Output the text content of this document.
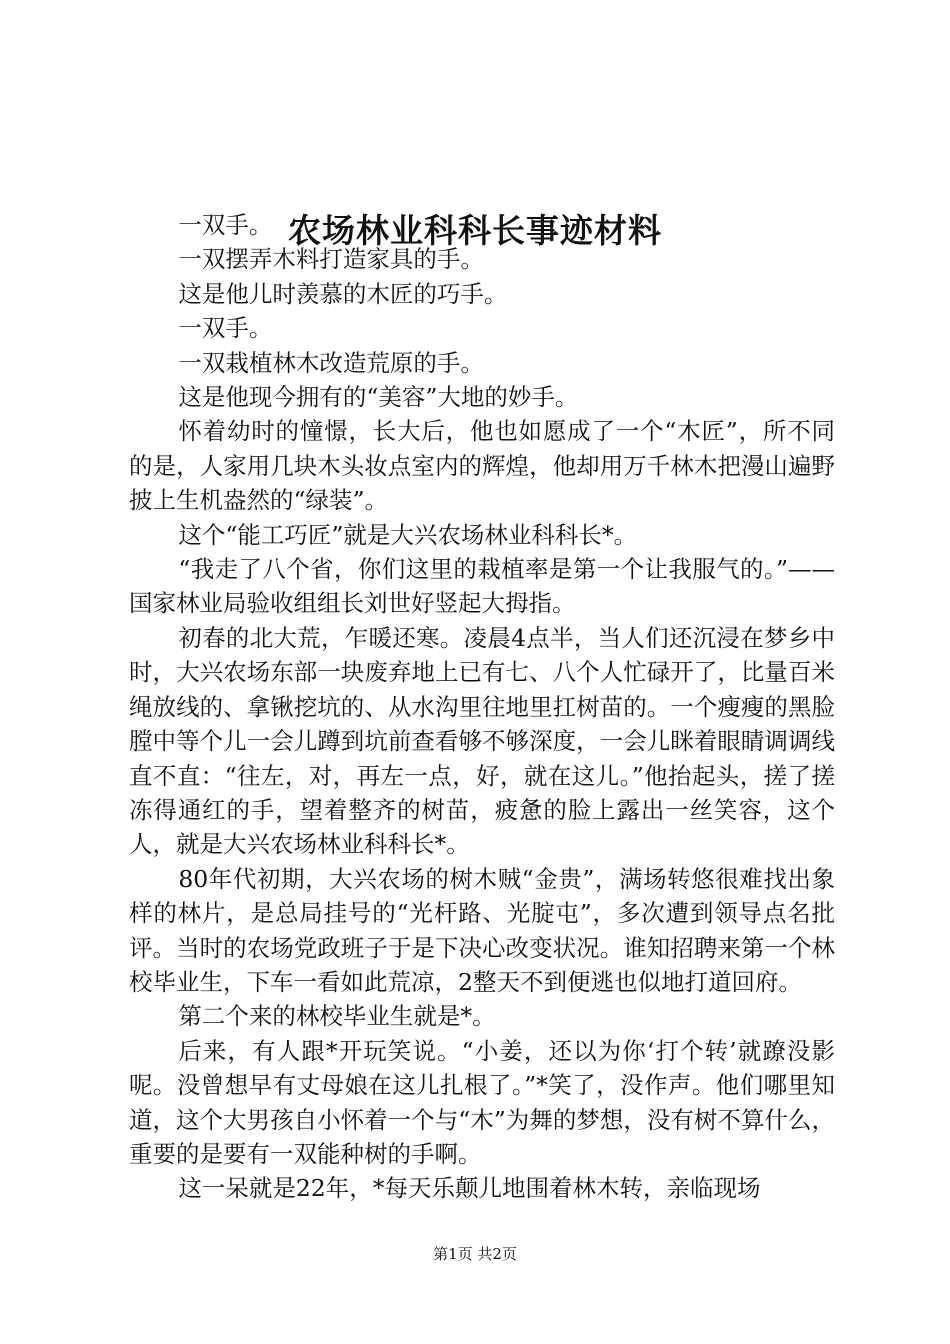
农场林业科科长事迹材料

一双手。

一双摆弄木料打造家具的手。

这是他儿时羡慕的木匠的巧手。

一双手。

一双栽植林木改造荒原的手。

这是他现今拥有的“美容”大地的妙手。

怀着幼时的憧憬，长大后，他也如愿成了一个“木匠”，所不同的是，人家用几块木头妆点室内的辉煌，他却用万千林木把漫山遍野披上生机盎然的“绿装”。

这个“能工巧匠”就是大兴农场林业科科长*。

“我走了八个省，你们这里的栽植率是第一个让我服气的。”——国家林业局验收组组长刘世好竖起大拇指。

初春的北大荒，乍暖还寒。凌晨4点半，当人们还沉浸在梦乡中时，大兴农场东部一块废弃地上已有七、八个人忙碌开了，比量百米绳放线的、拿锹挖坑的、从水沟里往地里扛树苗的。一个瘦瘦的黑脸膛中等个儿一会儿蹲到坑前查看够不够深度，一会儿眯着眼睛调调线直不直：“往左，对，再左一点，好，就在这儿。”他抬起头，搓了搓冻得通红的手，望着整齐的树苗，疲惫的脸上露出一丝笑容，这个人，就是大兴农场林业科科长*。

80年代初期，大兴农场的树木贼“金贵”，满场转悠很难找出象样的林片，是总局挂号的“光杆路、光腚屯”，多次遭到领导点名批评。当时的农场党政班子于是下决心改变状况。谁知招聘来第一个林校毕业生，下车一看如此荒凉，2整天不到便逃也似地打道回府。

第二个来的林校毕业生就是*。

后来，有人跟*开玩笑说。“小姜，还以为你‘打个转’就蹽没影呢。没曾想早有丈母娘在这儿扎根了。”*笑了，没作声。他们哪里知道，这个大男孩自小怀着一个与“木”为舞的梦想，没有树不算什么，重要的是要有一双能种树的手啊。

这一呆就是22年，*每天乐颠儿地围着林木转，亲临现场

第1页 共2页
